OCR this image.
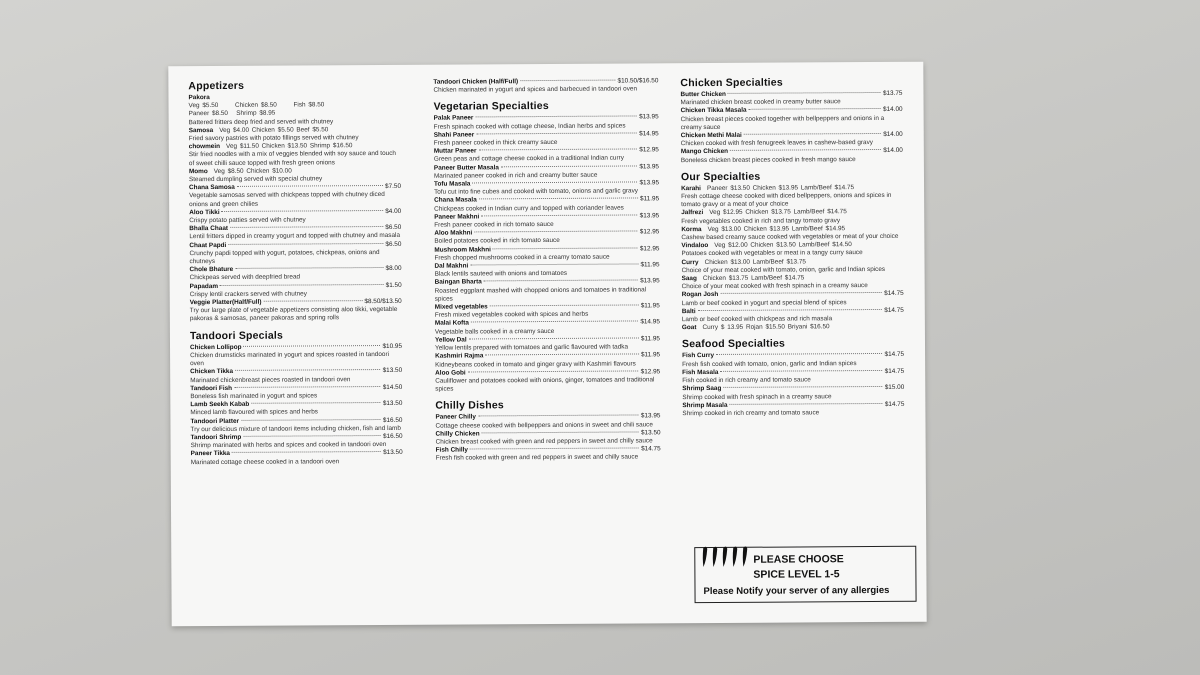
Appetizers
Pakora
Veg $5.50      Chicken $8.50      Fish $8.50
Paneer $8.50   Shrimp $8.95
Battered fritters deep fried and served with chutney
Samosa Veg $4.00 Chicken $5.50 Beef $5.50
Fried savory pastries with potato fillings served with chutney
chowmein Veg $11.50 Chicken $13.50 Shrimp $16.50
Stir fried noodles with a mix of veggies blended with soy sauce and touch of sweet chilli sauce topped with fresh green onions
Momo Veg $8.50 Chicken $10.00
Steamed dumpling served with special chutney
Chana Samosa	$7.50
Vegetable samosas served with chickpeas topped with chutney diced onions and green chilies
Aloo Tikki	$4.00
Crispy potato patties served with chutney
Bhalla Chaat	$6.50
Lentil fritters dipped in creamy yogurt and topped with chutney and masala
Chaat Papdi	$6.50
Crunchy papdi topped with yogurt, potatoes, chickpeas, onions and chutneys
Chole Bhature	$8.00
Chickpeas served with deepfried bread
Papadam	$1.50
Crispy lentil crackers served with chutney
Veggie Platter(Half/Full)	$8.50/$13.50
Try our large plate of vegetable appetizers consisting aloo tikki, vegetable pakoras & samosas, paneer pakoras and spring rolls
Tandoori Specials
Chicken Lollipop	$10.95
Chicken drumsticks marinated in yogurt and spices roasted in tandoori oven
Chicken Tikka	$13.50
Marinated chickenbreast pieces roasted in tandoori oven
Tandoori Fish	$14.50
Boneless fish marinated in yogurt and spices
Lamb Seekh Kabab	$13.50
Minced lamb flavoured with spices and herbs
Tandoori Platter	$16.50
Try our delicious mixture of tandoori items including chicken, fish and lamb
Tandoori Shrimp	$16.50
Shrimp marinated with herbs and spices and cooked in tandoori oven
Paneer Tikka	$13.50
Marinated cottage cheese cooked in a tandoori oven
Tandoori Chicken (Half/Full)	$10.50/$16.50
Chicken marinated in yogurt and spices and barbecued in tandoori oven
Vegetarian Specialties
Palak Paneer	$13.95
Fresh spinach cooked with cottage cheese, Indian herbs and spices
Shahi Paneer	$14.95
Fresh paneer cooked in thick creamy sauce
Muttar Paneer	$12.95
Green peas and cottage cheese cooked in a traditional Indian curry
Paneer Butter Masala	$13.95
Marinated paneer cooked in rich and creamy butter sauce
Tofu Masala	$13.95
Tofu cut into fine cubes and cooked with tomato, onions and garlic gravy
Chana Masala	$11.95
Chickpeas cooked in Indian curry and topped with coriander leaves
Paneer Makhni	$13.95
Fresh paneer cooked in rich tomato sauce
Aloo Makhni	$12.95
Boiled potatoes cooked in rich tomato sauce
Mushroom Makhni	$12.95
Fresh chopped mushrooms cooked in a creamy tomato sauce
Dal Makhni	$11.95
Black lentils sauteed with onions and tomatoes
Baingan Bharta	$13.95
Roasted eggplant mashed with chopped onions and tomatoes in traditional spices
Mixed vegetables	$11.95
Fresh mixed vegetables cooked with spices and herbs
Malai Kofta	$14.95
Vegetable balls cooked in a creamy sauce
Yellow Dal	$11.95
Yellow lentils prepared with tomatoes and garlic flavoured with tadka
Kashmiri Rajma	$11.95
Kidneybeans cooked in tomato and ginger gravy with Kashmiri flavours
Aloo Gobi	$12.95
Cauliflower and potatoes cooked with onions, ginger, tomatoes and traditional spices
Chilly Dishes
Paneer Chilly	$13.95
Cottage cheese cooked with bellpeppers and onions in sweet and chili sauce
Chilly Chicken	$13.50
Chicken breast cooked with green and red peppers in sweet and chilly sauce
Fish Chilly	$14.75
Fresh fish cooked with green and red peppers in sweet and chilly sauce
Chicken Specialties
Butter Chicken	$13.75
Marinated chicken breast cooked in creamy butter sauce
Chicken Tikka Masala	$14.00
Chicken breast pieces cooked together with bellpeppers and onions in a creamy sauce
Chicken Methi Malai	$14.00
Chicken cooked with fresh fenugreek leaves in cashew-based gravy
Mango Chicken	$14.00
Boneless chicken breast pieces cooked in fresh mango sauce
Our Specialties
Karahi Paneer $13.50 Chicken $13.95 Lamb/Beef $14.75
Fresh cottage cheese cooked with diced bellpeppers, onions and spices in tomato gravy or a meat of your choice
Jalfrezi Veg $12.95 Chicken $13.75 Lamb/Beef $14.75
Fresh vegetables cooked in rich and tangy tomato gravy
Korma Veg $13.00 Chicken $13.95 Lamb/Beef $14.95
Cashew based creamy sauce cooked with vegetables or meat of your choice
Vindaloo Veg $12.00 Chicken $13.50 Lamb/Beef $14.50
Potatoes cooked with vegetables or meat in a tangy curry sauce
Curry Chicken $13.00 Lamb/Beef $13.75
Choice of your meat cooked with tomato, onion, garlic and Indian spices
Saag Chicken $13.75 Lamb/Beef $14.75
Choice of your meat cooked with fresh spinach in a creamy sauce
Rogan Josh	$14.75
Lamb or beef cooked in yogurt and special blend of spices
Balti	$14.75
Lamb or beef cooked with chickpeas and rich masala
Goat Curry $ 13.95 Rojan $15.50 Briyani $16.50
Seafood Specialties
Fish Curry	$14.75
Fresh fish cooked with tomato, onion, garlic and Indian spices
Fish Masala	$14.75
Fish cooked in rich creamy and tomato sauce
Shrimp Saag	$15.00
Shrimp cooked with fresh spinach in a creamy sauce
Shrimp Masala	$14.75
Shrimp cooked in rich creamy and tomato sauce
PLEASE CHOOSE
SPICE LEVEL 1-5
Please Notify your server of any allergies
